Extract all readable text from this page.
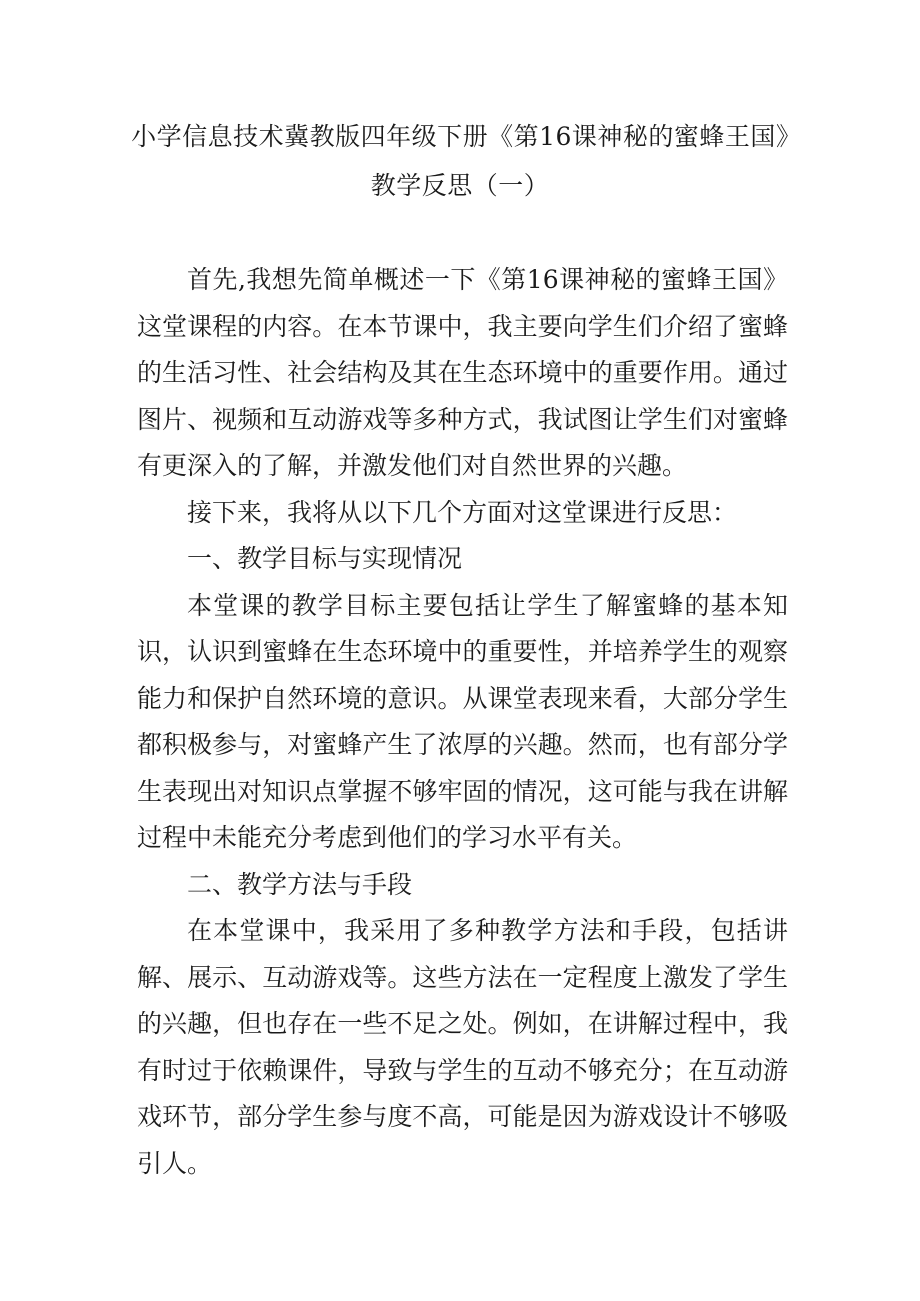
小学信息技术冀教版四年级下册《第16课神秘的蜜蜂王国》教学反思（一）

首先,我想先简单概述一下《第16课神秘的蜜蜂王国》这堂课程的内容。在本节课中，我主要向学生们介绍了蜜蜂的生活习性、社会结构及其在生态环境中的重要作用。通过图片、视频和互动游戏等多种方式，我试图让学生们对蜜蜂有更深入的了解，并激发他们对自然世界的兴趣。

接下来，我将从以下几个方面对这堂课进行反思：

一、教学目标与实现情况

本堂课的教学目标主要包括让学生了解蜜蜂的基本知识，认识到蜜蜂在生态环境中的重要性，并培养学生的观察能力和保护自然环境的意识。从课堂表现来看，大部分学生都积极参与，对蜜蜂产生了浓厚的兴趣。然而，也有部分学生表现出对知识点掌握不够牢固的情况，这可能与我在讲解过程中未能充分考虑到他们的学习水平有关。

二、教学方法与手段

在本堂课中，我采用了多种教学方法和手段，包括讲解、展示、互动游戏等。这些方法在一定程度上激发了学生的兴趣，但也存在一些不足之处。例如，在讲解过程中，我有时过于依赖课件，导致与学生的互动不够充分；在互动游戏环节，部分学生参与度不高，可能是因为游戏设计不够吸引人。
